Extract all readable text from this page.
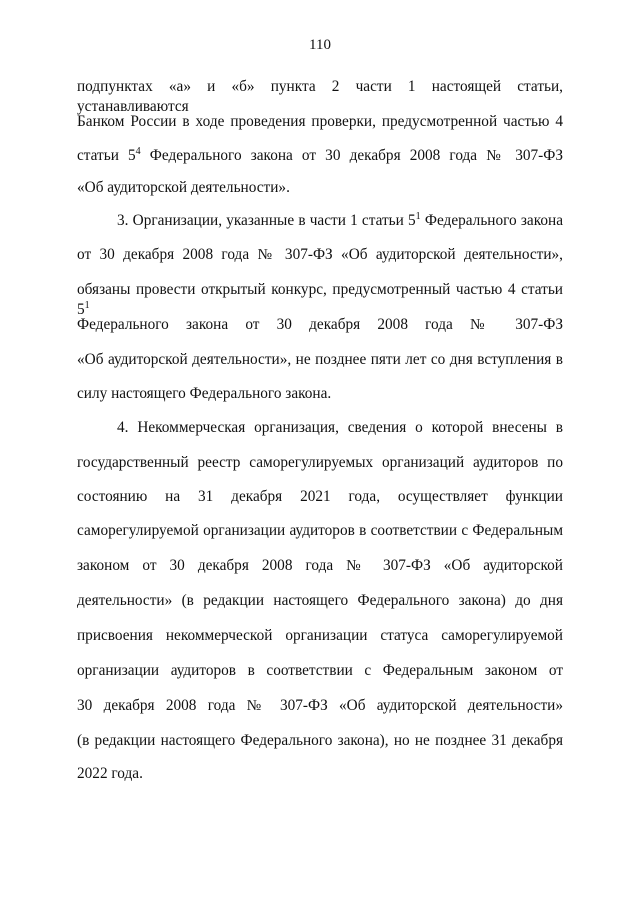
110
подпунктах «а» и «б» пункта 2 части 1 настоящей статьи, устанавливаются
Банком России в ходе проведения проверки, предусмотренной частью 4
статьи $5^4$ Федерального закона от 30 декабря 2008 года № 307-ФЗ
«Об аудиторской деятельности».
3. Организации, указанные в части 1 статьи $5^1$ Федерального закона
от 30 декабря 2008 года № 307-ФЗ «Об аудиторской деятельности»,
обязаны провести открытый конкурс, предусмотренный частью 4 статьи $5^1$
Федерального закона от 30 декабря 2008 года № 307-ФЗ
«Об аудиторской деятельности», не позднее пяти лет со дня вступления в
силу настоящего Федерального закона.
4. Некоммерческая организация, сведения о которой внесены в
государственный реестр саморегулируемых организаций аудиторов по
состоянию на 31 декабря 2021 года, осуществляет функции
саморегулируемой организации аудиторов в соответствии с Федеральным
законом от 30 декабря 2008 года № 307-ФЗ «Об аудиторской
деятельности» (в редакции настоящего Федерального закона) до дня
присвоения некоммерческой организации статуса саморегулируемой
организации аудиторов в соответствии с Федеральным законом от
30 декабря 2008 года № 307-ФЗ «Об аудиторской деятельности»
(в редакции настоящего Федерального закона), но не позднее 31 декабря
2022 года.
